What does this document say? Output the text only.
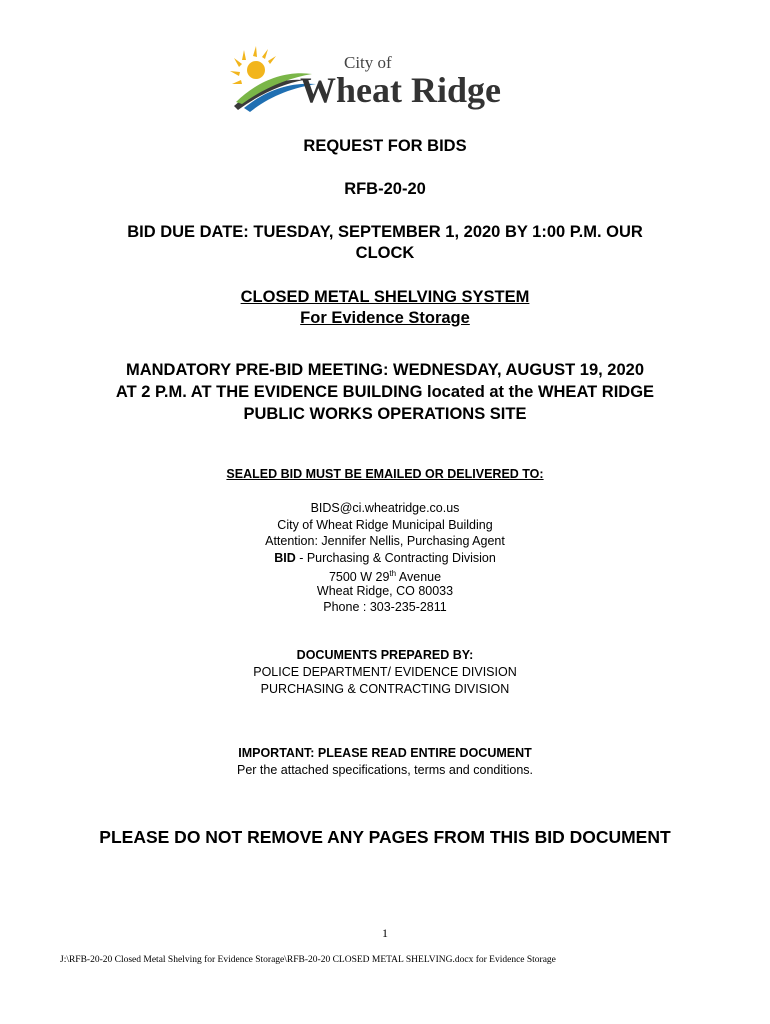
City of
Wheat Ridge
REQUEST FOR BIDS
RFB-20-20
BID DUE DATE: TUESDAY, SEPTEMBER 1, 2020 BY 1:00 P.M. OUR
CLOCK
CLOSED METAL SHELVING SYSTEM
For Evidence Storage
MANDATORY PRE-BID MEETING: WEDNESDAY, AUGUST 19, 2020
AT 2 P.M. AT THE EVIDENCE BUILDING located at the WHEAT RIDGE
PUBLIC WORKS OPERATIONS SITE
SEALED BID MUST BE EMAILED OR DELIVERED TO:
BIDS@ci.wheatridge.co.us
City of Wheat Ridge Municipal Building
Attention: Jennifer Nellis, Purchasing Agent
BID - Purchasing & Contracting Division
7500 W 29th Avenue
Wheat Ridge, CO 80033
Phone : 303-235-2811
DOCUMENTS PREPARED BY:
POLICE DEPARTMENT/ EVIDENCE DIVISION
PURCHASING & CONTRACTING DIVISION
IMPORTANT: PLEASE READ ENTIRE DOCUMENT
Per the attached specifications, terms and conditions.
PLEASE DO NOT REMOVE ANY PAGES FROM THIS BID DOCUMENT
1
J:\RFB-20-20 Closed Metal Shelving for Evidence Storage\RFB-20-20 CLOSED METAL SHELVING.docx for Evidence Storage
